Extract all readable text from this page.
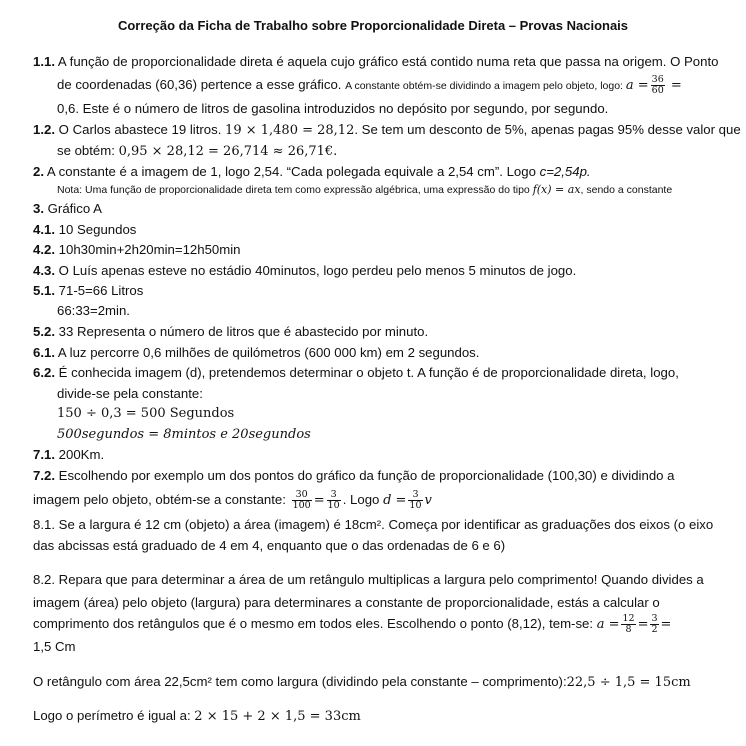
Correção da Ficha de Trabalho sobre Proporcionalidade Direta – Provas Nacionais
1.1. A função de proporcionalidade direta é aquela cujo gráfico está contido numa reta que passa na origem. O Ponto
de coordenadas (60,36) pertence a esse gráfico. A constante obtém-se dividindo a imagem pelo objeto, logo: $a = \frac{36}{60}$ =
0,6. Este é o número de litros de gasolina introduzidos no depósito por segundo, por segundo.
1.2. O Carlos abastece 19 litros. 19 × 1,480 = 28,12. Se tem um desconto de 5%, apenas pagas 95% desse valor que
se obtém: 0,95 × 28,12 = 26,714 ≈ 26,71€.
2. A constante é a imagem de 1, logo 2,54. “Cada polegada equivale a 2,54 cm”. Logo c=2,54p.
Nota: Uma função de proporcionalidade direta tem como expressão algébrica, uma expressão do tipo f(x) = ax, sendo a constante
3. Gráfico A
4.1. 10 Segundos
4.2. 10h30min+2h20min=12h50min
4.3. O Luís apenas esteve no estádio 40minutos, logo perdeu pelo menos 5 minutos de jogo.
5.1. 71-5=66 Litros
66:33=2min.
5.2. 33 Representa o número de litros que é abastecido por minuto.
6.1. A luz percorre 0,6 milhões de quilómetros (600 000 km) em 2 segundos.
6.2. É conhecida imagem (d), pretendemos determinar o objeto t. A função é de proporcionalidade direta, logo,
divide-se pela constante:
150 ÷ 0,3 = 500 Segundos
500segundos = 8mintos e 20segundos
7.1. 200Km.
7.2. Escolhendo por exemplo um dos pontos do gráfico da função de proporcionalidade (100,30) e dividindo a
imagem pelo objeto, obtém-se a constante: $\frac{30}{100} = \frac{3}{10}$ . Logo $d = \frac{3}{10}$ v
8.1. Se a largura é 12 cm (objeto) a área (imagem) é 18cm². Começa por identificar as graduações dos eixos (o eixo
das abcissas está graduado de 4 em 4, enquanto que o das ordenadas de 6 e 6)
8.2. Repara que para determinar a área de um retângulo multiplicas a largura pelo comprimento! Quando divides a
imagem (área) pelo objeto (largura) para determinares a constante de proporcionalidade, estás a calcular o
comprimento dos retângulos que é o mesmo em todos eles. Escolhendo o ponto (8,12), tem-se: $a = \frac{12}{8} = \frac{3}{2}$ =
1,5 Cm
O retângulo com área 22,5cm² tem como largura (dividindo pela constante – comprimento):22,5 ÷ 1,5 = 15cm
Logo o perímetro é igual a: 2 × 15 + 2 × 1,5 = 33cm
